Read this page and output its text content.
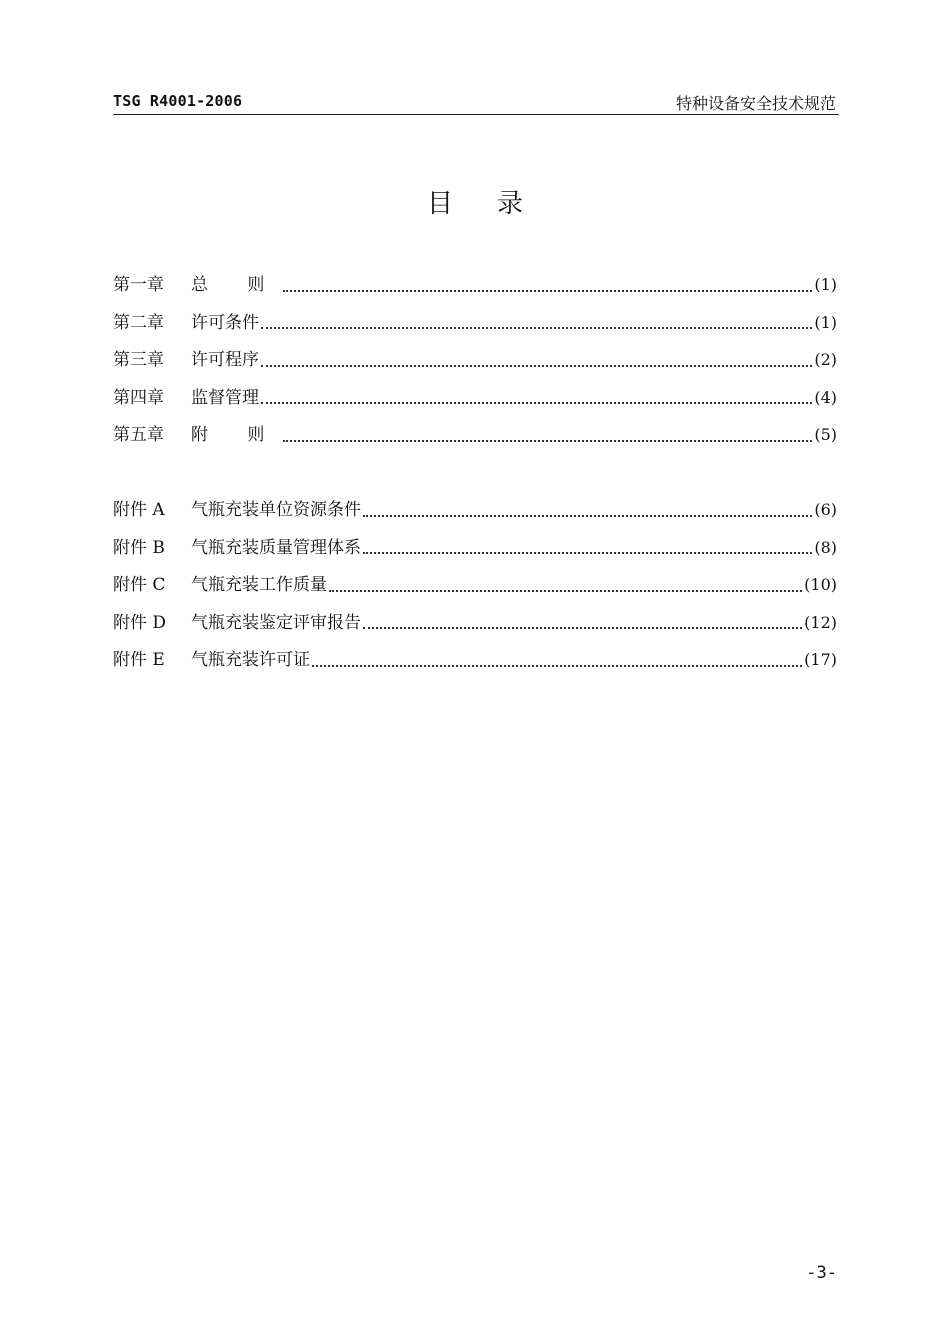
TSG R4001-2006	特种设备安全技术规范
目录
第一章	总 则	(1)
第二章	许可条件	(1)
第三章	许可程序	(2)
第四章	监督管理	(4)
第五章	附 则	(5)
附件 A	气瓶充装单位资源条件	(6)
附件 B	气瓶充装质量管理体系	(8)
附件 C	气瓶充装工作质量	(10)
附件 D	气瓶充装鉴定评审报告	(12)
附件 E	气瓶充装许可证	(17)
-3-
